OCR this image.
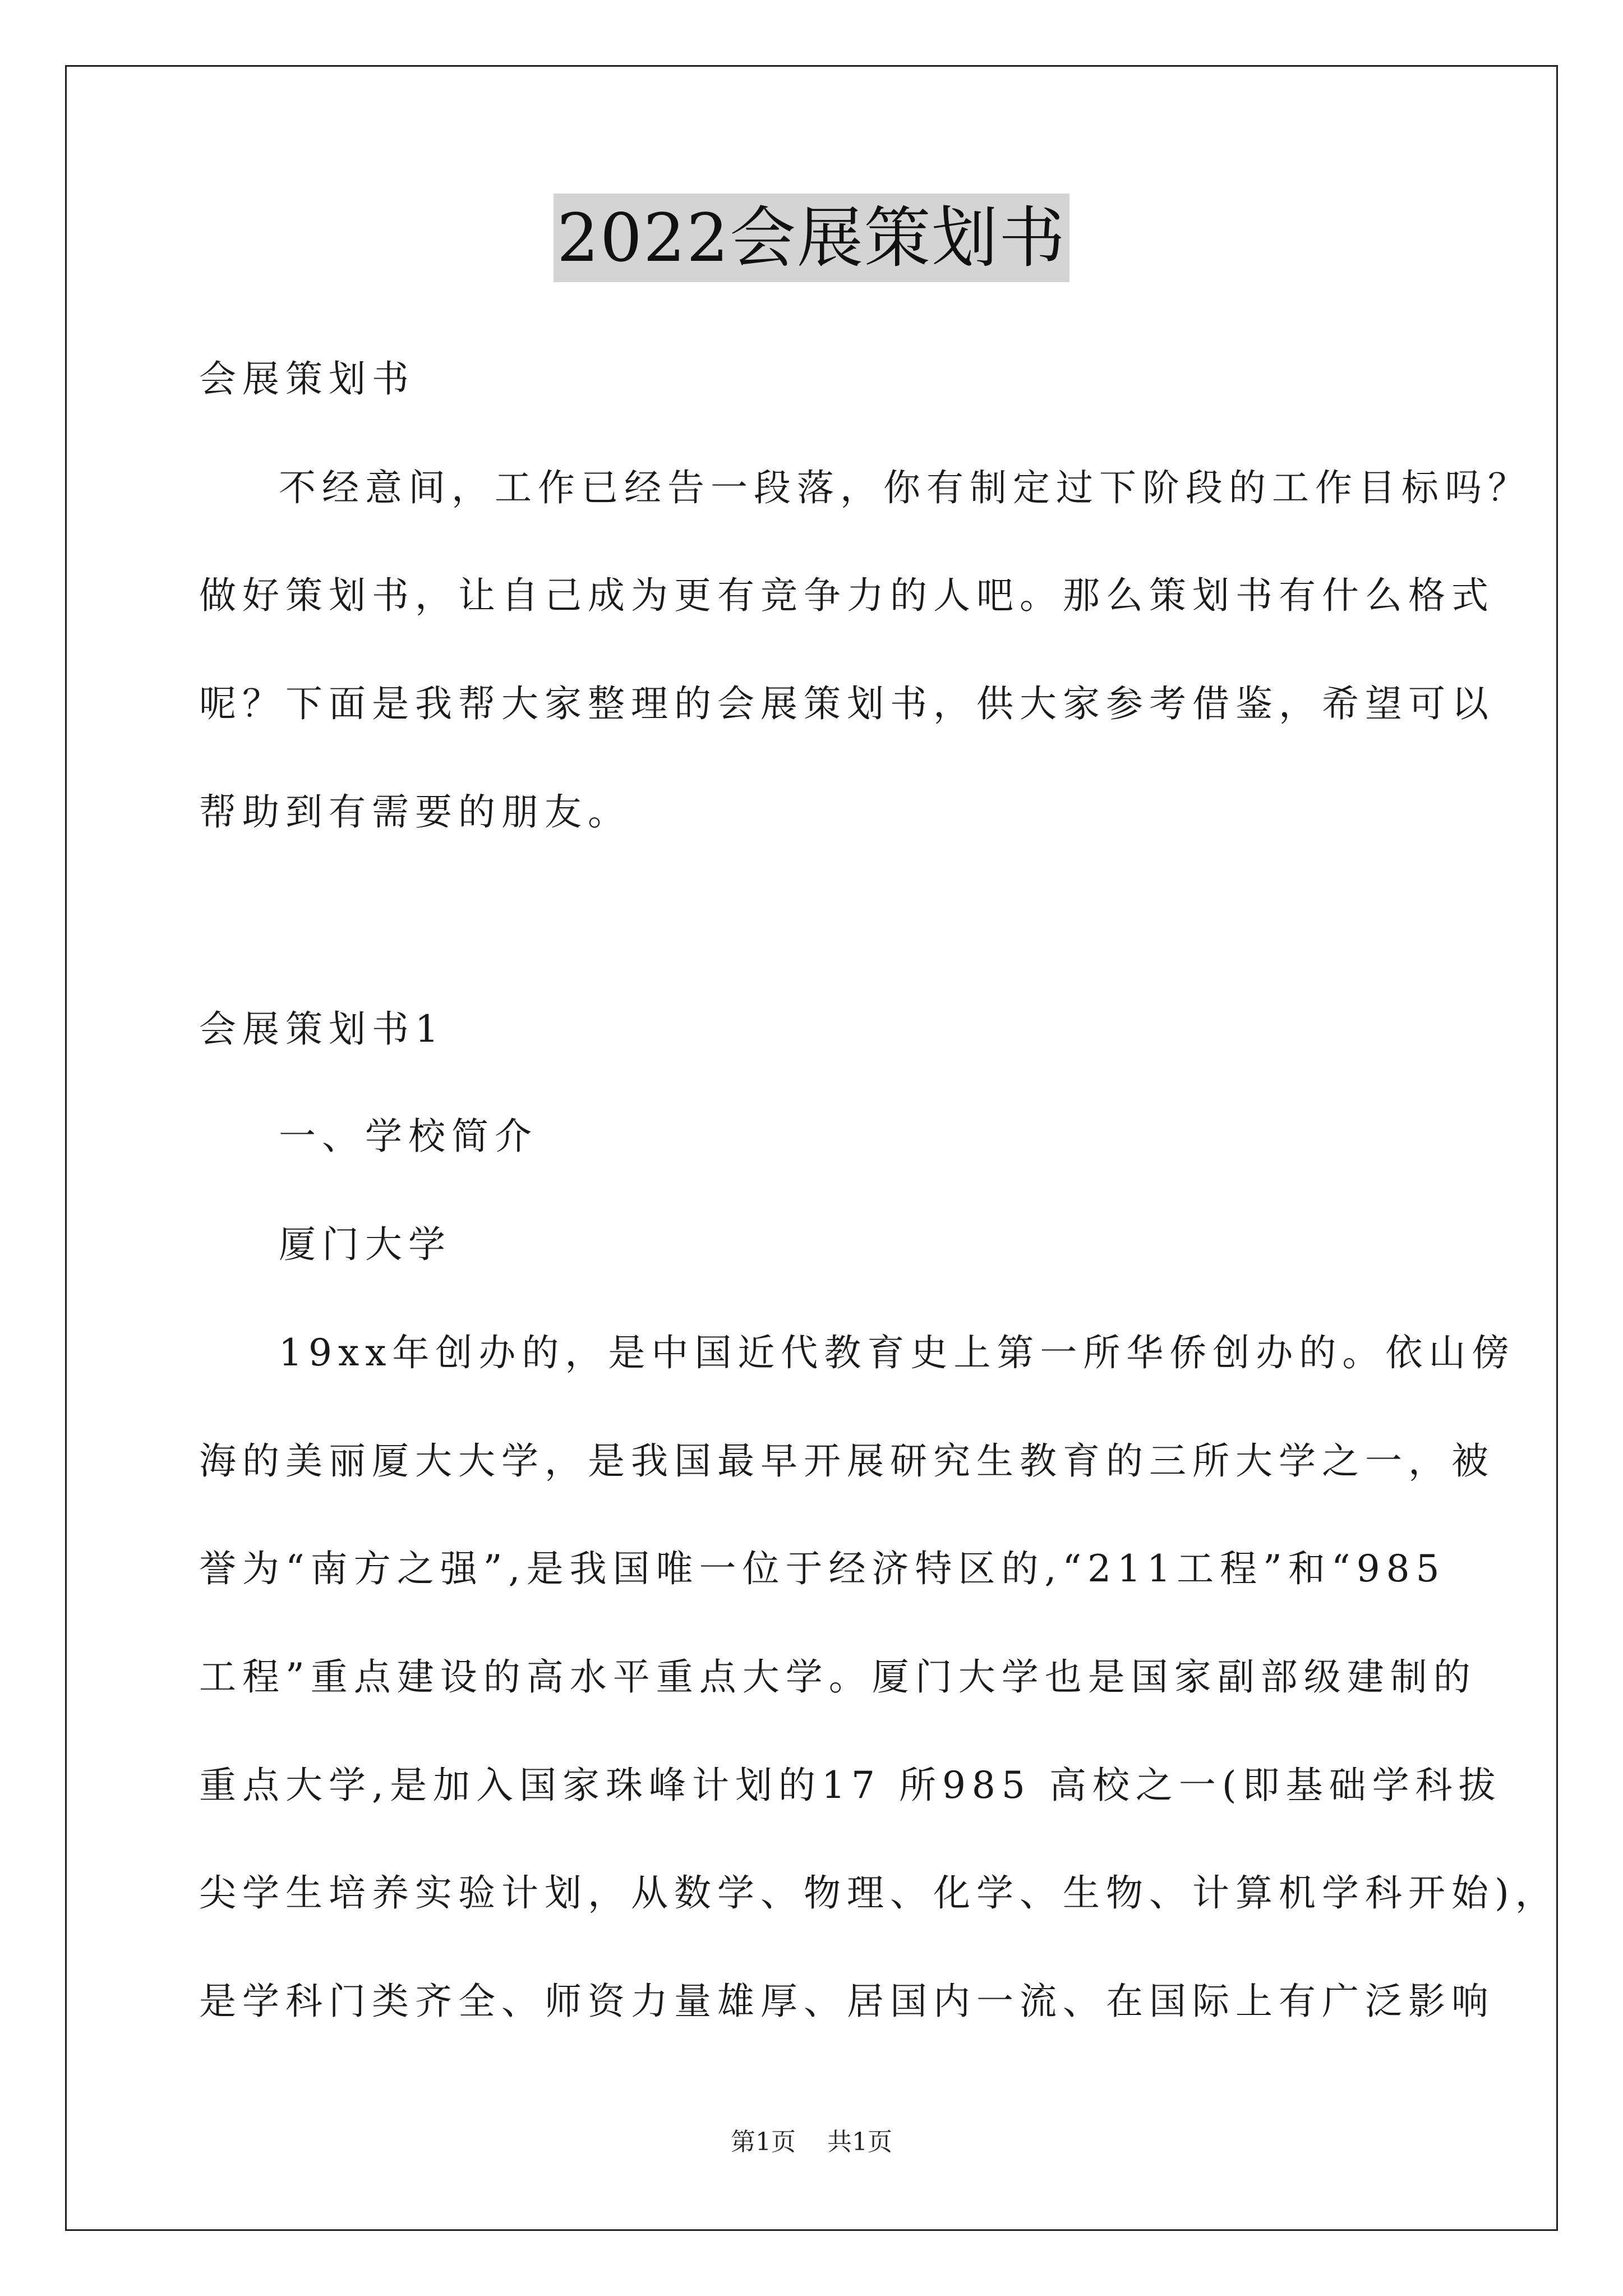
2022会展策划书
会展策划书
不经意间，工作已经告一段落，你有制定过下阶段的工作目标吗？
做好策划书，让自己成为更有竞争力的人吧。那么策划书有什么格式
呢？下面是我帮大家整理的会展策划书，供大家参考借鉴，希望可以
帮助到有需要的朋友。
会展策划书1
一、学校简介
厦门大学
19xx年创办的，是中国近代教育史上第一所华侨创办的。依山傍
海的美丽厦大大学，是我国最早开展研究生教育的三所大学之一，被
誉为“南方之强”,是我国唯一位于经济特区的,“211工程”和“985
工程”重点建设的高水平重点大学。厦门大学也是国家副部级建制的
重点大学,是加入国家珠峰计划的17 所985 高校之一(即基础学科拔
尖学生培养实验计划，从数学、物理、化学、生物、计算机学科开始)，
是学科门类齐全、师资力量雄厚、居国内一流、在国际上有广泛影响
第1页 共1页
